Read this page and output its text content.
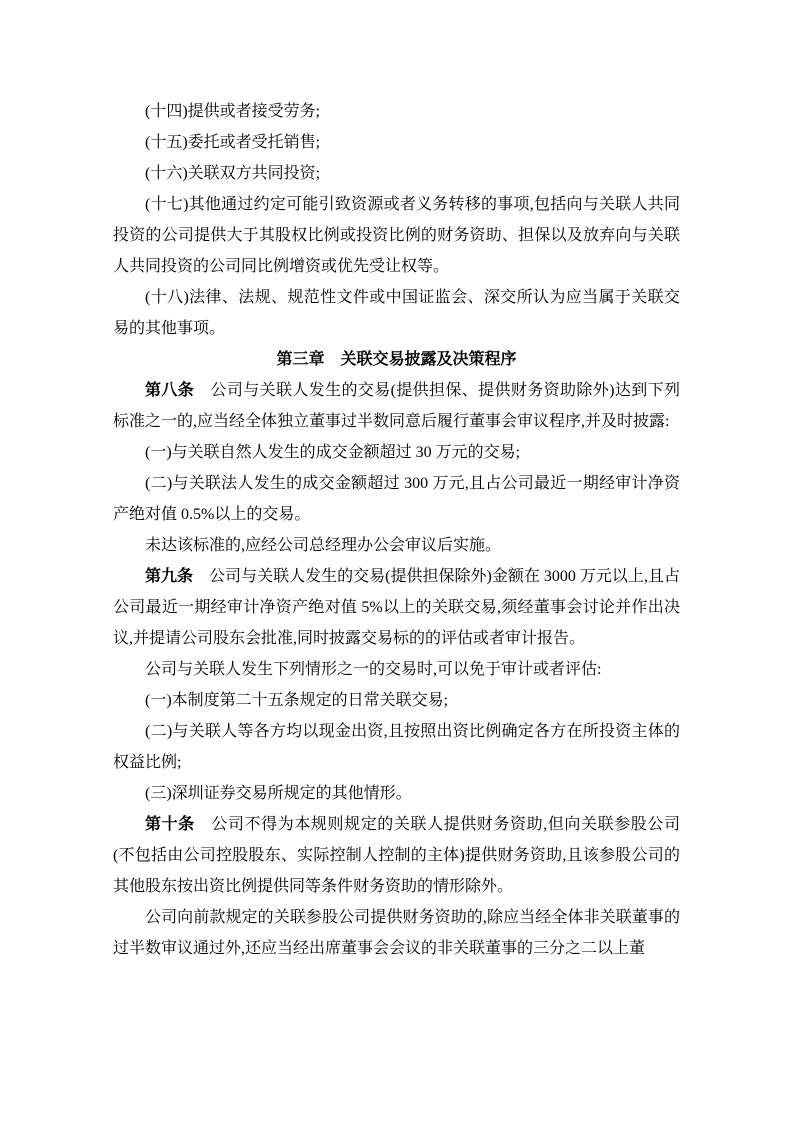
(十四)提供或者接受劳务;

(十五)委托或者受托销售;

(十六)关联双方共同投资;

(十七)其他通过约定可能引致资源或者义务转移的事项,包括向与关联人共同投资的公司提供大于其股权比例或投资比例的财务资助、担保以及放弃向与关联人共同投资的公司同比例增资或优先受让权等。

(十八)法律、法规、规范性文件或中国证监会、深交所认为应当属于关联交易的其他事项。

第三章　关联交易披露及决策程序

第八条　公司与关联人发生的交易(提供担保、提供财务资助除外)达到下列标准之一的,应当经全体独立董事过半数同意后履行董事会审议程序,并及时披露:

(一)与关联自然人发生的成交金额超过 30 万元的交易;

(二)与关联法人发生的成交金额超过 300 万元,且占公司最近一期经审计净资产绝对值 0.5%以上的交易。

未达该标准的,应经公司总经理办公会审议后实施。

第九条　公司与关联人发生的交易(提供担保除外)金额在 3000 万元以上,且占公司最近一期经审计净资产绝对值 5%以上的关联交易,须经董事会讨论并作出决议,并提请公司股东会批准,同时披露交易标的的评估或者审计报告。

公司与关联人发生下列情形之一的交易时,可以免于审计或者评估:

(一)本制度第二十五条规定的日常关联交易;

(二)与关联人等各方均以现金出资,且按照出资比例确定各方在所投资主体的权益比例;

(三)深圳证券交易所规定的其他情形。

第十条　公司不得为本规则规定的关联人提供财务资助,但向关联参股公司(不包括由公司控股股东、实际控制人控制的主体)提供财务资助,且该参股公司的其他股东按出资比例提供同等条件财务资助的情形除外。

公司向前款规定的关联参股公司提供财务资助的,除应当经全体非关联董事的过半数审议通过外,还应当经出席董事会会议的非关联董事的三分之二以上董
